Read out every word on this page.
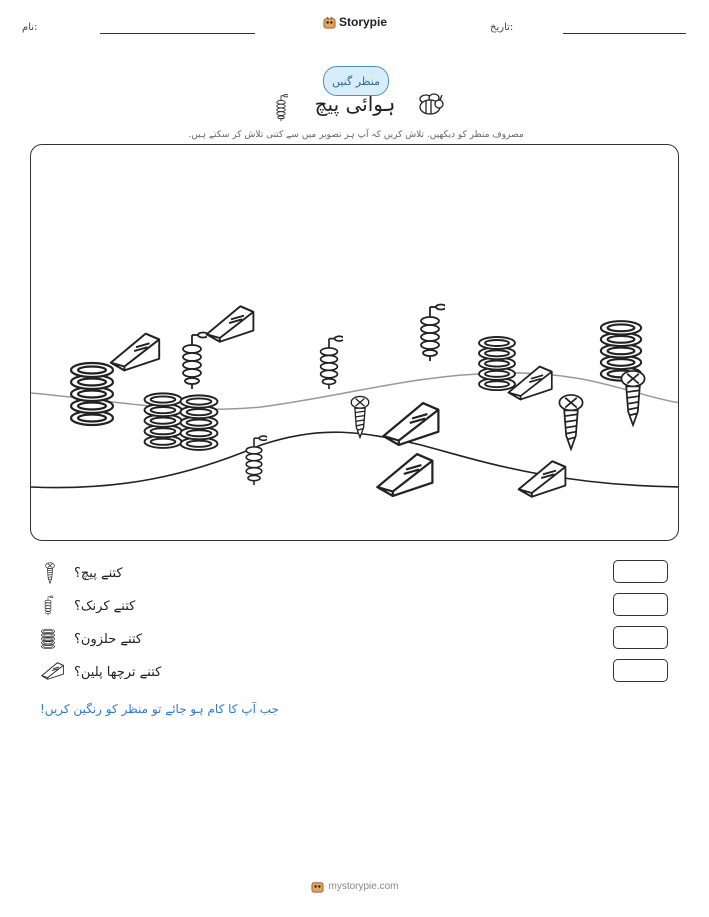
نام:	Storypie	تاریخ:
منظر گنیں
ہوائی پیچ
مصروف منظر کو دیکھیں. تلاش کریں کہ آپ ہر تصویر میں سے کتنی تلاش کر سکتے ہیں.
کتنے پیچ؟
کتنے کرنک؟
کتنے حلزون؟
کتنے ترچھا پلین؟
جب آپ کا کام ہو جائے تو منظر کو رنگین کریں!
mystorypie.com
